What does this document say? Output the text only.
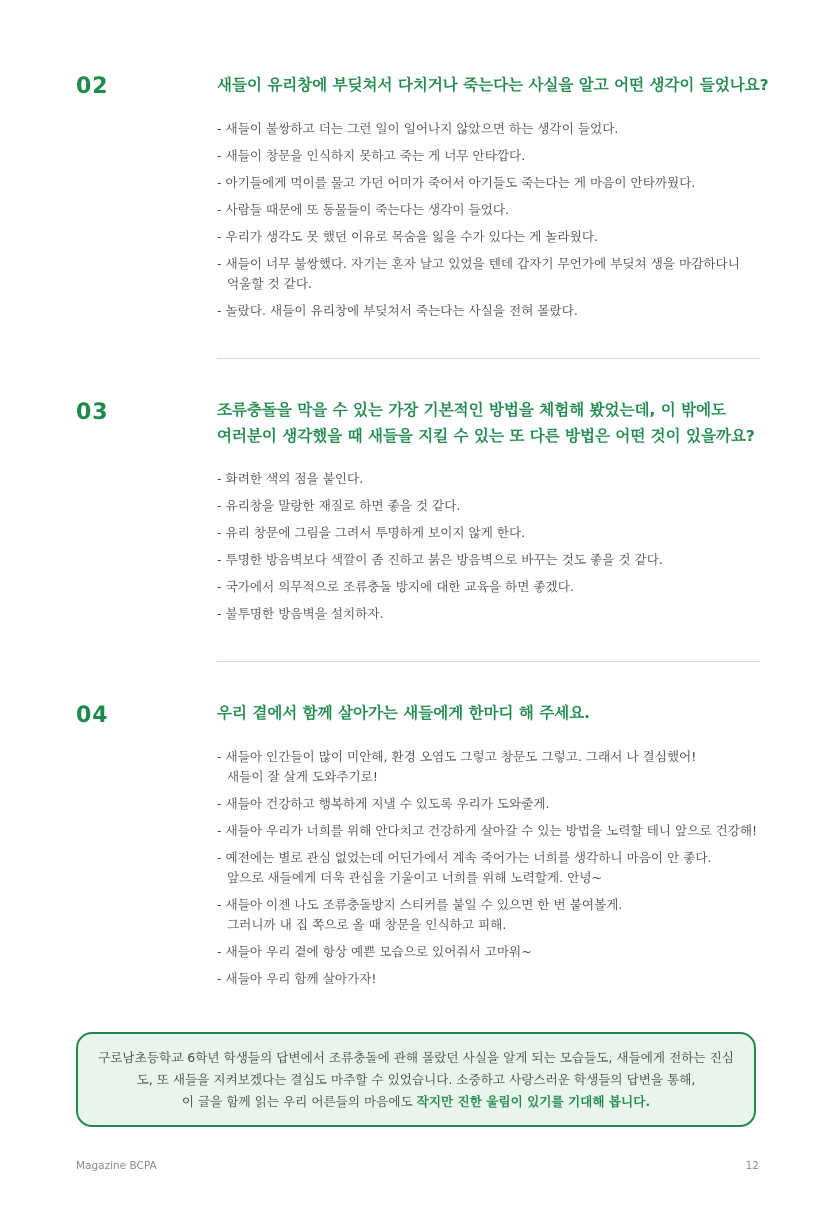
02	새들이 유리창에 부딪쳐서 다치거나 죽는다는 사실을 알고 어떤 생각이 들었나요?
- 새들이 불쌍하고 더는 그런 일이 일어나지 않았으면 하는 생각이 들었다.
- 새들이 창문을 인식하지 못하고 죽는 게 너무 안타깝다.
- 아기들에게 먹이를 물고 가던 어미가 죽어서 아기들도 죽는다는 게 마음이 안타까웠다.
- 사람들 때문에 또 동물들이 죽는다는 생각이 들었다.
- 우리가 생각도 못 했던 이유로 목숨을 잃을 수가 있다는 게 놀라웠다.
- 새들이 너무 불쌍했다. 자기는 혼자 날고 있었을 텐데 갑자기 무언가에 부딪쳐 생을 마감하다니
억울할 것 같다.
- 놀랐다. 새들이 유리창에 부딪쳐서 죽는다는 사실을 전혀 몰랐다.
03	조류충돌을 막을 수 있는 가장 기본적인 방법을 체험해 봤었는데, 이 밖에도
여러분이 생각했을 때 새들을 지킬 수 있는 또 다른 방법은 어떤 것이 있을까요?
- 화려한 색의 점을 붙인다.
- 유리창을 말랑한 재질로 하면 좋을 것 같다.
- 유리 창문에 그림을 그려서 투명하게 보이지 않게 한다.
- 투명한 방음벽보다 색깔이 좀 진하고 붉은 방음벽으로 바꾸는 것도 좋을 것 같다.
- 국가에서 의무적으로 조류충돌 방지에 대한 교육을 하면 좋겠다.
- 불투명한 방음벽을 설치하자.
04	우리 곁에서 함께 살아가는 새들에게 한마디 해 주세요.
- 새들아 인간들이 많이 미안해, 환경 오염도 그렇고 창문도 그렇고. 그래서 나 결심했어!
새들이 잘 살게 도와주기로!
- 새들아 건강하고 행복하게 지낼 수 있도록 우리가 도와줄게.
- 새들아 우리가 너희를 위해 안다치고 건강하게 살아갈 수 있는 방법을 노력할 테니 앞으로 건강해!
- 예전에는 별로 관심 없었는데 어딘가에서 계속 죽어가는 너희를 생각하니 마음이 안 좋다.
앞으로 새들에게 더욱 관심을 기울이고 너희를 위해 노력할게. 안녕~
- 새들아 이젠 나도 조류충돌방지 스티커를 붙일 수 있으면 한 번 붙여볼게.
그러니까 내 집 쪽으로 올 때 창문을 인식하고 피해.
- 새들아 우리 곁에 항상 예쁜 모습으로 있어줘서 고마워~
- 새들아 우리 함께 살아가자!

구로남초등학교 6학년 학생들의 답변에서 조류충돌에 관해 몰랐던 사실을 알게 되는 모습들도, 새들에게 전하는 진심

도, 또 새들을 지켜보겠다는 결심도 마주할 수 있었습니다. 소중하고 사랑스러운 학생들의 답변을 통해,

이 글을 함께 읽는 우리 어른들의 마음에도 작지만 진한 울림이 있기를 기대해 봅니다.

Magazine BCPA	12
